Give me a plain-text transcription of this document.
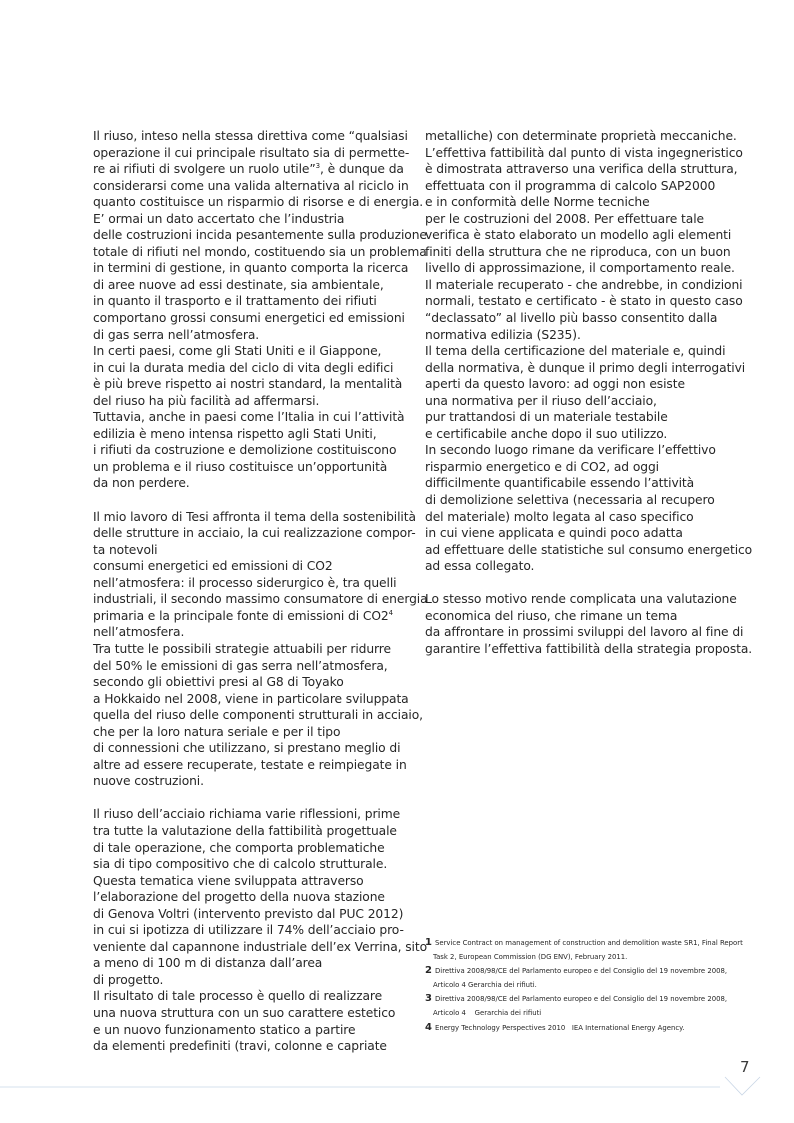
Il riuso, inteso nella stessa direttiva come “qualsiasi
operazione il cui principale risultato sia di permette-
re ai rifiuti di svolgere un ruolo utile”$^3$, è dunque da
considerarsi come una valida alternativa al riciclo in
quanto costituisce un risparmio di risorse e di energia.
E’ ormai un dato accertato che l’industria
delle costruzioni incida pesantemente sulla produzione
totale di rifiuti nel mondo, costituendo sia un problema
in termini di gestione, in quanto comporta la ricerca
di aree nuove ad essi destinate, sia ambientale,
in quanto il trasporto e il trattamento dei rifiuti
comportano grossi consumi energetici ed emissioni
di gas serra nell’atmosfera.
In certi paesi, come gli Stati Uniti e il Giappone,
in cui la durata media del ciclo di vita degli edifici
è più breve rispetto ai nostri standard, la mentalità
del riuso ha più facilità ad affermarsi.
Tuttavia, anche in paesi come l’Italia in cui l’attività
edilizia è meno intensa rispetto agli Stati Uniti,
i rifiuti da costruzione e demolizione costituiscono
un problema e il riuso costituisce un’opportunità
da non perdere.
Il mio lavoro di Tesi affronta il tema della sostenibilità
delle strutture in acciaio, la cui realizzazione compor-
ta notevoli
consumi energetici ed emissioni di CO2
nell’atmosfera: il processo siderurgico è, tra quelli
industriali, il secondo massimo consumatore di energia
primaria e la principale fonte di emissioni di $CO2^4$
nell’atmosfera.
Tra tutte le possibili strategie attuabili per ridurre
del 50% le emissioni di gas serra nell’atmosfera,
secondo gli obiettivi presi al G8 di Toyako
a Hokkaido nel 2008, viene in particolare sviluppata
quella del riuso delle componenti strutturali in acciaio,
che per la loro natura seriale e per il tipo
di connessioni che utilizzano, si prestano meglio di
altre ad essere recuperate, testate e reimpiegate in
nuove costruzioni.
Il riuso dell’acciaio richiama varie riflessioni, prime
tra tutte la valutazione della fattibilità progettuale
di tale operazione, che comporta problematiche
sia di tipo compositivo che di calcolo strutturale.
Questa tematica viene sviluppata attraverso
l’elaborazione del progetto della nuova stazione
di Genova Voltri (intervento previsto dal PUC 2012)
in cui si ipotizza di utilizzare il 74% dell’acciaio pro-
veniente dal capannone industriale dell’ex Verrina, sito
a meno di 100 m di distanza dall’area
di progetto.
Il risultato di tale processo è quello di realizzare
una nuova struttura con un suo carattere estetico
e un nuovo funzionamento statico a partire
da elementi predefiniti (travi, colonne e capriate
metalliche) con determinate proprietà meccaniche.
L’effettiva fattibilità dal punto di vista ingegneristico
è dimostrata attraverso una verifica della struttura,
effettuata con il programma di calcolo SAP2000
e in conformità delle Norme tecniche
per le costruzioni del 2008. Per effettuare tale
verifica è stato elaborato un modello agli elementi
finiti della struttura che ne riproduca, con un buon
livello di approssimazione, il comportamento reale.
Il materiale recuperato - che andrebbe, in condizioni
normali, testato e certificato - è stato in questo caso
“declassato” al livello più basso consentito dalla
normativa edilizia (S235).
Il tema della certificazione del materiale e, quindi
della normativa, è dunque il primo degli interrogativi
aperti da questo lavoro: ad oggi non esiste
una normativa per il riuso dell’acciaio,
pur trattandosi di un materiale testabile
e certificabile anche dopo il suo utilizzo.
In secondo luogo rimane da verificare l’effettivo
risparmio energetico e di CO2, ad oggi
difficilmente quantificabile essendo l’attività
di demolizione selettiva (necessaria al recupero
del materiale) molto legata al caso specifico
in cui viene applicata e quindi poco adatta
ad effettuare delle statistiche sul consumo energetico
ad essa collegato.
Lo stesso motivo rende complicata una valutazione
economica del riuso, che rimane un tema
da affrontare in prossimi sviluppi del lavoro al fine di
garantire l’effettiva fattibilità della strategia proposta.
1 Service Contract on management of construction and demolition waste SR1, Final Report
Task 2, European Commission (DG ENV), February 2011.
2 Direttiva 2008/98/CE del Parlamento europeo e del Consiglio del 19 novembre 2008,
Articolo 4 Gerarchia dei rifiuti.
3 Direttiva 2008/98/CE del Parlamento europeo e del Consiglio del 19 novembre 2008,
Articolo 4    Gerarchia dei rifiuti
4 Energy Technology Perspectives 2010   IEA International Energy Agency.
7
